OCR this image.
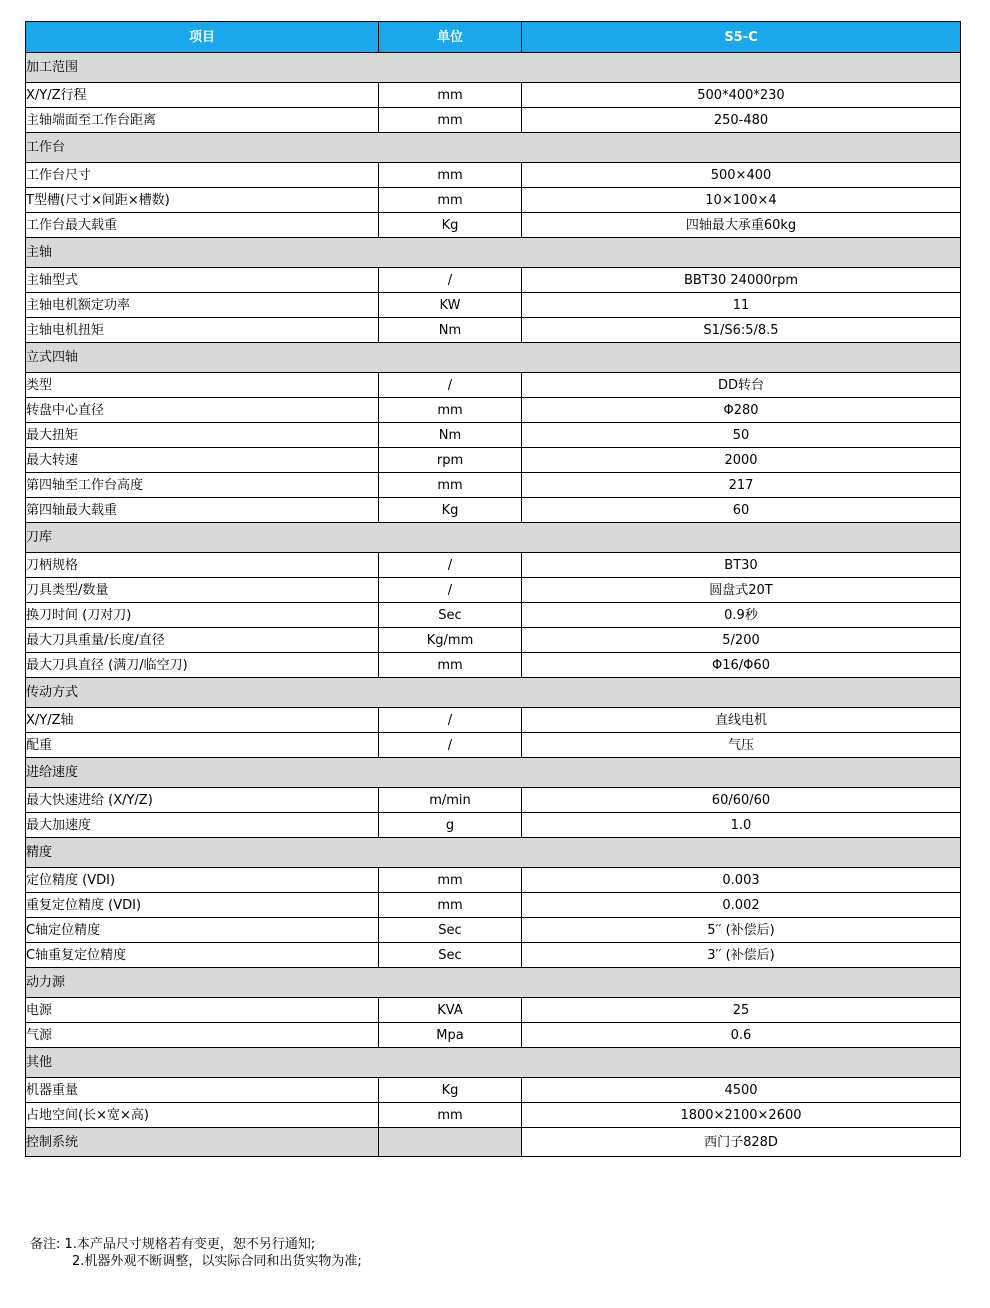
项目	单位	S5-C
加工范围		
X/Y/Z行程	mm	500*400*230
主轴端面至工作台距离	mm	250-480
工作台		
工作台尺寸	mm	500×400
T型槽(尺寸×间距×槽数)	mm	10×100×4
工作台最大载重	Kg	四轴最大承重60kg
主轴		
主轴型式	/	BBT30 24000rpm
主轴电机额定功率	KW	11
主轴电机扭矩	Nm	S1/S6:5/8.5
立式四轴		
类型	/	DD转台
转盘中心直径	mm	Φ280
最大扭矩	Nm	50
最大转速	rpm	2000
第四轴至工作台高度	mm	217
第四轴最大载重	Kg	60
刀库		
刀柄规格	/	BT30
刀具类型/数量	/	圆盘式20T
换刀时间 (刀对刀)	Sec	0.9秒
最大刀具重量/长度/直径	Kg/mm	5/200
最大刀具直径 (满刀/临空刀)	mm	Φ16/Φ60
传动方式		
X/Y/Z轴	/	直线电机
配重	/	气压
进给速度		
最大快速进给 (X/Y/Z)	m/min	60/60/60
最大加速度	g	1.0
精度		
定位精度 (VDI)	mm	0.003
重复定位精度 (VDI)	mm	0.002
C轴定位精度	Sec	5′′ (补偿后)
C轴重复定位精度	Sec	3′′ (补偿后)
动力源		
电源	KVA	25
气源	Mpa	0.6
其他		
机器重量	Kg	4500
占地空间(长×宽×高)	mm	1800×2100×2600
控制系统		西门子828D
备注: 1.本产品尺寸规格若有变更，恕不另行通知;
2.机器外观不断调整，以实际合同和出货实物为准;
